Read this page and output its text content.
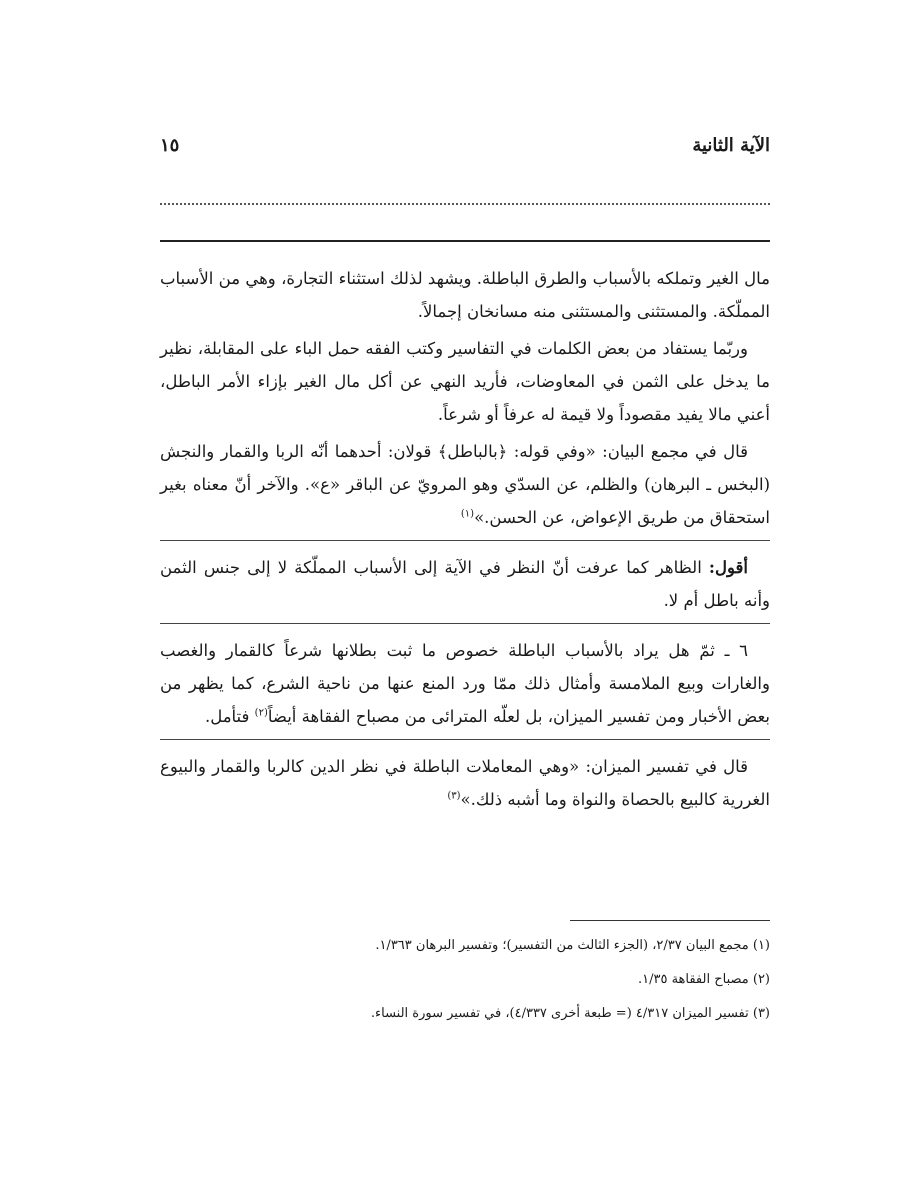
الآية الثانية
١٥

مال الغير وتملكه بالأسباب والطرق الباطلة. ويشهد لذلك استثناء التجارة، وهي من الأسباب المملّكة. والمستثنى والمستثنى منه مسانخان إجمالاً.

وربّما يستفاد من بعض الكلمات في التفاسير وكتب الفقه حمل الباء على المقابلة، نظير ما يدخل على الثمن في المعاوضات، فأريد النهي عن أكل مال الغير بإزاء الأمر الباطل، أعني مالا يفيد مقصوداً ولا قيمة له عرفاً أو شرعاً.

قال في مجمع البيان: «وفي قوله: ﴿بالباطل﴾ قولان: أحدهما أنّه الربا والقمار والنجش (البخس ـ البرهان) والظلم، عن السدّي وهو المرويّ عن الباقر «ع». والآخر أنّ معناه بغير استحقاق من طريق الإعواض، عن الحسن.»$^{(١)}$

أقول: الظاهر كما عرفت أنّ النظر في الآية إلى الأسباب المملّكة لا إلى جنس الثمن وأنه باطل أم لا.

٦ ـ ثمّ هل يراد بالأسباب الباطلة خصوص ما ثبت بطلانها شرعاً كالقمار والغصب والغارات وبيع الملامسة وأمثال ذلك ممّا ورد المنع عنها من ناحية الشرع، كما يظهر من بعض الأخبار ومن تفسير الميزان، بل لعلّه المترائى من مصباح الفقاهة أيضاً$^{(٢)}$ فتأمل.

قال في تفسير الميزان: «وهي المعاملات الباطلة في نظر الدين كالربا والقمار والبيوع الغررية كالبيع بالحصاة والنواة وما أشبه ذلك.»$^{(٣)}$

(١) مجمع البيان ٢/٣٧، (الجزء الثالث من التفسير)؛ وتفسير البرهان ١/٣٦٣.

(٢) مصباح الفقاهة ١/٣٥.

(٣) تفسير الميزان ٤/٣١٧ (= طبعة أخرى ٤/٣٣٧)، في تفسير سورة النساء.
